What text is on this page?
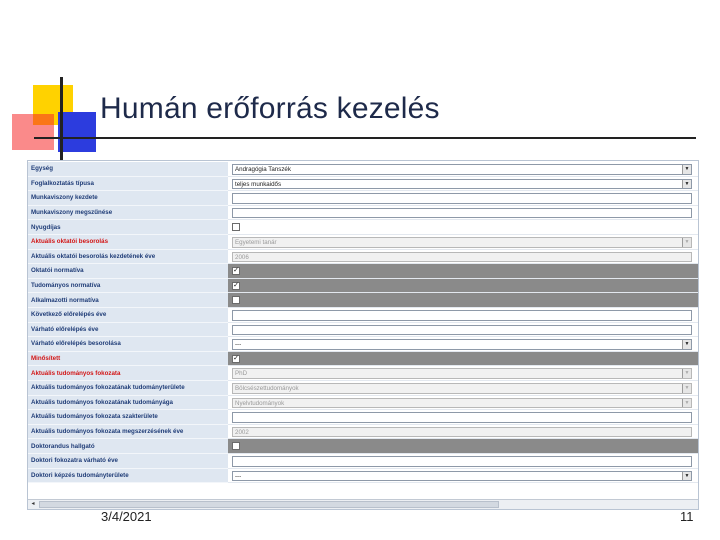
Humán erőforrás kezelés
Egység	Andragógia Tanszék	▼
Foglalkoztatás típusa	teljes munkaidős	▼
Munkaviszony kezdete
Munkaviszony megszűnése
Nyugdíjas
Aktuális oktatói besorolás	Egyetemi tanár	▼
Aktuális oktatói besorolás kezdetének éve	2006
Oktatói normatíva	✓
Tudományos normatíva	✓
Alkalmazotti normatíva
Következő előrelépés éve
Várható előrelépés éve
Várható előrelépés besorolása	---	▼
Minősített	✓
Aktuális tudományos fokozata	PhD	▼
Aktuális tudományos fokozatának tudományterülete	Bölcsészettudományok	▼
Aktuális tudományos fokozatának tudományága	Nyelvtudományok	▼
Aktuális tudományos fokozata szakterülete
Aktuális tudományos fokozata megszerzésének éve	2002
Doktorandus hallgató
Doktori fokozatra várható éve
Doktori képzés tudományterülete	---	▼
◂
3/4/2021	11
